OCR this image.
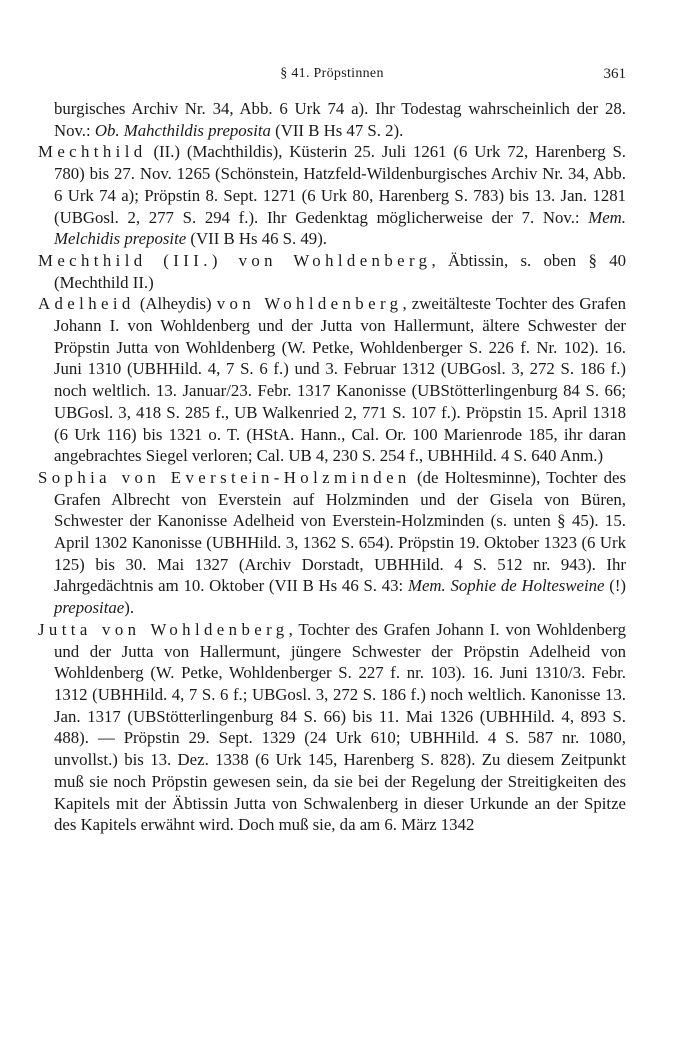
§ 41. Pröpstinnen	361

burgisches Archiv Nr. 34, Abb. 6 Urk 74 a). Ihr Todestag wahrscheinlich der 28. Nov.: Ob. Mahcthildis preposita (VII B Hs 47 S. 2).

Mechthild (II.) (Machthildis), Küsterin 25. Juli 1261 (6 Urk 72, Harenberg S. 780) bis 27. Nov. 1265 (Schönstein, Hatzfeld-Wildenburgisches Archiv Nr. 34, Abb. 6 Urk 74 a); Pröpstin 8. Sept. 1271 (6 Urk 80, Harenberg S. 783) bis 13. Jan. 1281 (UBGosl. 2, 277 S. 294 f.). Ihr Gedenktag möglicherweise der 7. Nov.: Mem. Melchidis preposite (VII B Hs 46 S. 49).

Mechthild (III.) von Wohldenberg, Äbtissin, s. oben § 40 (Mechthild II.)

Adelheid (Alheydis) von Wohldenberg, zweitälteste Tochter des Grafen Johann I. von Wohldenberg und der Jutta von Hallermunt, ältere Schwester der Pröpstin Jutta von Wohldenberg (W. Petke, Wohldenberger S. 226 f. Nr. 102). 16. Juni 1310 (UBHHild. 4, 7 S. 6 f.) und 3. Februar 1312 (UBGosl. 3, 272 S. 186 f.) noch weltlich. 13. Januar/23. Febr. 1317 Kanonisse (UBStötterlingenburg 84 S. 66; UBGosl. 3, 418 S. 285 f., UB Walkenried 2, 771 S. 107 f.). Pröpstin 15. April 1318 (6 Urk 116) bis 1321 o. T. (HStA. Hann., Cal. Or. 100 Marienrode 185, ihr daran angebrachtes Siegel verloren; Cal. UB 4, 230 S. 254 f., UBHHild. 4 S. 640 Anm.)

Sophia von Everstein-Holzminden (de Holtesminne), Tochter des Grafen Albrecht von Everstein auf Holzminden und der Gisela von Büren, Schwester der Kanonisse Adelheid von Everstein-Holzminden (s. unten § 45). 15. April 1302 Kanonisse (UBHHild. 3, 1362 S. 654). Pröpstin 19. Oktober 1323 (6 Urk 125) bis 30. Mai 1327 (Archiv Dorstadt, UBHHild. 4 S. 512 nr. 943). Ihr Jahrgedächtnis am 10. Oktober (VII B Hs 46 S. 43: Mem. Sophie de Holtesweine (!) prepositae).

Jutta von Wohldenberg, Tochter des Grafen Johann I. von Wohldenberg und der Jutta von Hallermunt, jüngere Schwester der Pröpstin Adelheid von Wohldenberg (W. Petke, Wohldenberger S. 227 f. nr. 103). 16. Juni 1310/3. Febr. 1312 (UBHHild. 4, 7 S. 6 f.; UBGosl. 3, 272 S. 186 f.) noch weltlich. Kanonisse 13. Jan. 1317 (UBStötterlingenburg 84 S. 66) bis 11. Mai 1326 (UBHHild. 4, 893 S. 488). — Pröpstin 29. Sept. 1329 (24 Urk 610; UBHHild. 4 S. 587 nr. 1080, unvollst.) bis 13. Dez. 1338 (6 Urk 145, Harenberg S. 828). Zu diesem Zeitpunkt muß sie noch Pröpstin gewesen sein, da sie bei der Regelung der Streitigkeiten des Kapitels mit der Äbtissin Jutta von Schwalenberg in dieser Urkunde an der Spitze des Kapitels erwähnt wird. Doch muß sie, da am 6. März 1342
